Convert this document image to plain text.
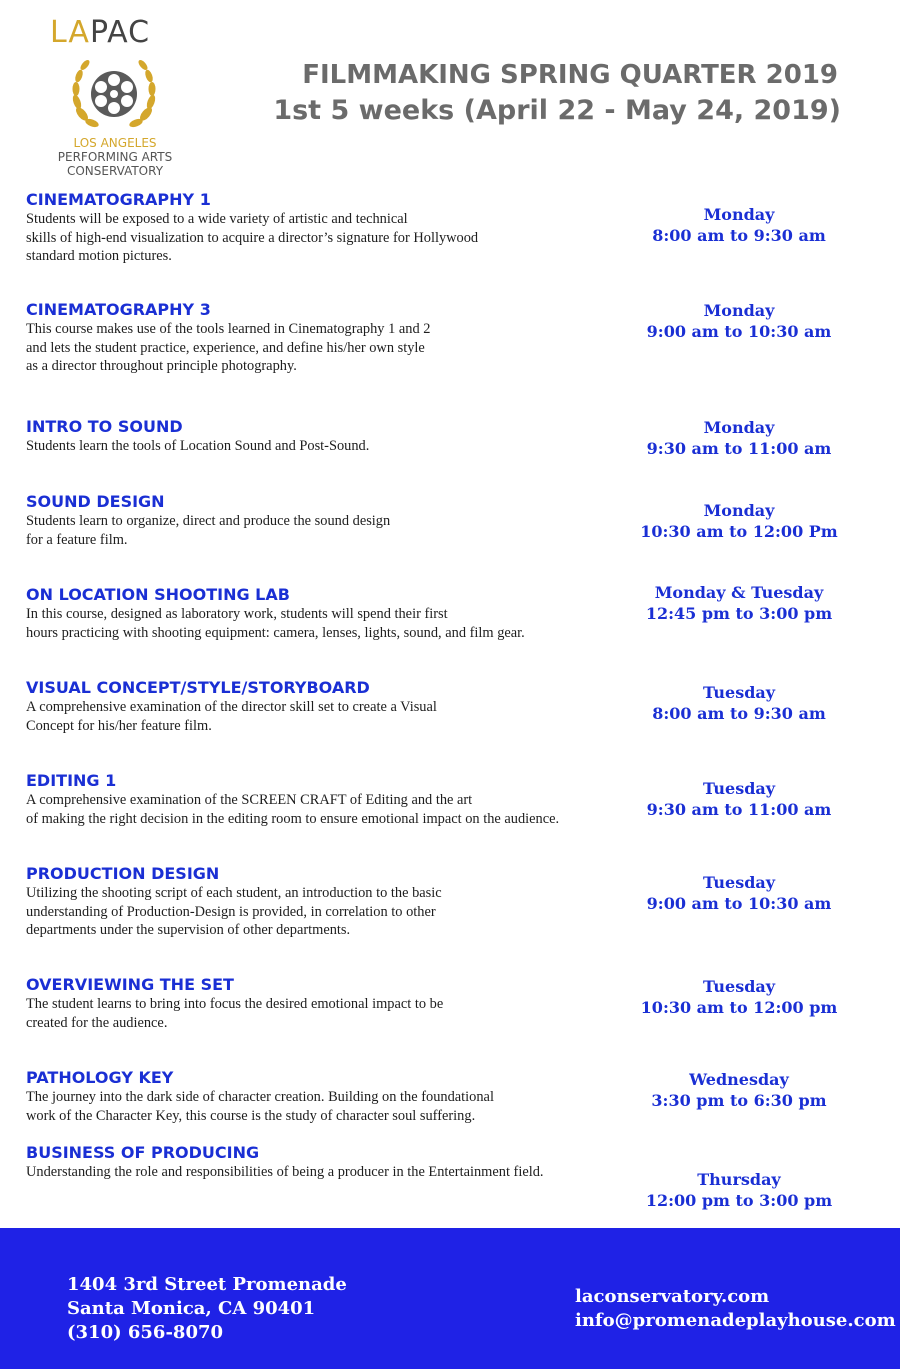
LAPAC
LOS ANGELES
PERFORMING ARTS
CONSERVATORY
FILMMAKING SPRING QUARTER 2019
1st 5 weeks (April 22 - May 24, 2019)
CINEMATOGRAPHY 1
Students will be exposed to a wide variety of artistic and technical
skills of high-end visualization to acquire a director’s signature for Hollywood
standard motion pictures.
Monday
8:00 am to 9:30 am
CINEMATOGRAPHY 3
This course makes use of the tools learned in Cinematography 1 and 2
and lets the student practice, experience, and define his/her own style
as a director throughout principle photography.
Monday
9:00 am to 10:30 am
INTRO TO SOUND
Students learn the tools of Location Sound and Post-Sound.
Monday
9:30 am to 11:00 am
SOUND DESIGN
Students learn to organize, direct and produce the sound design
for a feature film.
Monday
10:30 am to 12:00 Pm
ON LOCATION SHOOTING LAB
In this course, designed as laboratory work, students will spend their first
hours practicing with shooting equipment: camera, lenses, lights, sound, and film gear.
Monday & Tuesday
12:45 pm to 3:00 pm
VISUAL CONCEPT/STYLE/STORYBOARD
A comprehensive examination of the director skill set to create a Visual
Concept for his/her feature film.
Tuesday
8:00 am to 9:30 am
EDITING 1
A comprehensive examination of the SCREEN CRAFT of Editing and the art
of making the right decision in the editing room to ensure emotional impact on the audience.
Tuesday
9:30 am to 11:00 am
PRODUCTION DESIGN
Utilizing the shooting script of each student, an introduction to the basic
understanding of Production-Design is provided, in correlation to other
departments under the supervision of other departments.
Tuesday
9:00 am to 10:30 am
OVERVIEWING THE SET
The student learns to bring into focus the desired emotional impact to be
created for the audience.
Tuesday
10:30 am to 12:00 pm
PATHOLOGY KEY
The journey into the dark side of character creation. Building on the foundational
work of the Character Key, this course is the study of character soul suffering.
Wednesday
3:30 pm to 6:30 pm
BUSINESS OF PRODUCING
Understanding the role and responsibilities of being a producer in the Entertainment field.	Thursday
12:00 pm to 3:00 pm
1404 3rd Street Promenade
Santa Monica, CA 90401
(310) 656-8070
laconservatory.com
info@promenadeplayhouse.com
